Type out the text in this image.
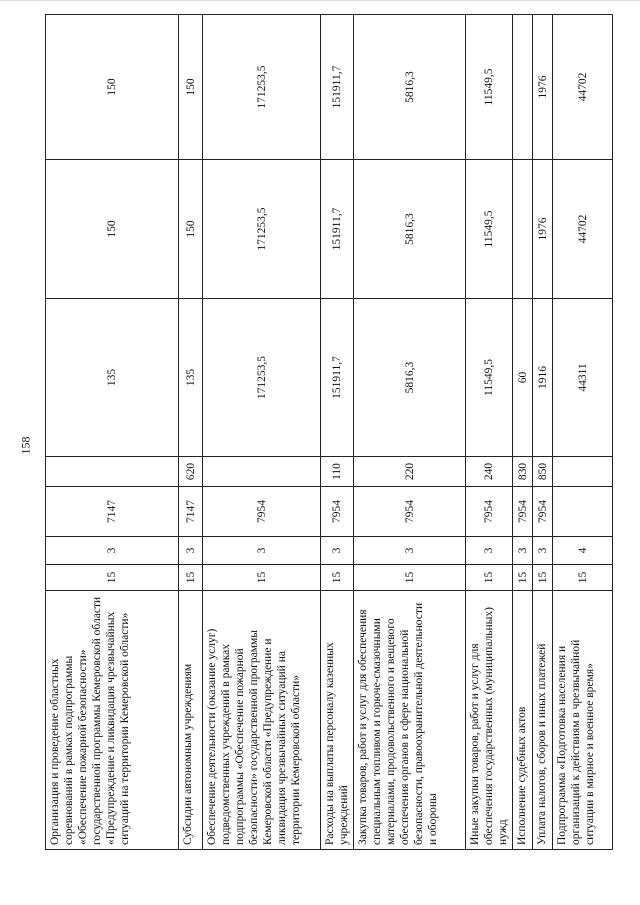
158
Организация и проведение областных соревнований в рамках подпрограммы «Обеспечение пожарной безопасности» государственной программы Кемеровской области «Предупреждение и ликвидация чрезвычайных ситуаций на территории Кемеровской области»	15	3	7147		135	150	150
Субсидии автономным учреждениям	15	3	7147	620	135	150	150
Обеспечение деятельности (оказание услуг) подведомственных учреждений в рамках подпрограммы «Обеспечение пожарной безопасности» государственной программы Кемеровской области «Предупреждение и ликвидация чрезвычайных ситуаций на территории Кемеровской области»	15	3	7954		171253,5	171253,5	171253,5
Расходы на выплаты персоналу казенных учреждений	15	3	7954	110	151911,7	151911,7	151911,7
Закупка товаров, работ и услуг для обеспечения специальным топливом и горюче-смазочными материалами, продовольственного и вещевого обеспечения органов в сфере национальной безопасности, правоохранительной деятельности и обороны	15	3	7954	220	5816,3	5816,3	5816,3
Иные закупки товаров, работ и услуг для обеспечения государственных (муниципальных) нужд	15	3	7954	240	11549,5	11549,5	11549,5
Исполнение судебных актов	15	3	7954	830	60		
Уплата налогов, сборов и иных платежей	15	3	7954	850	1916	1976	1976
Подпрограмма «Подготовка населения и организаций к действиям в чрезвычайной ситуации в мирное и военное время»	15	4			44311	44702	44702
